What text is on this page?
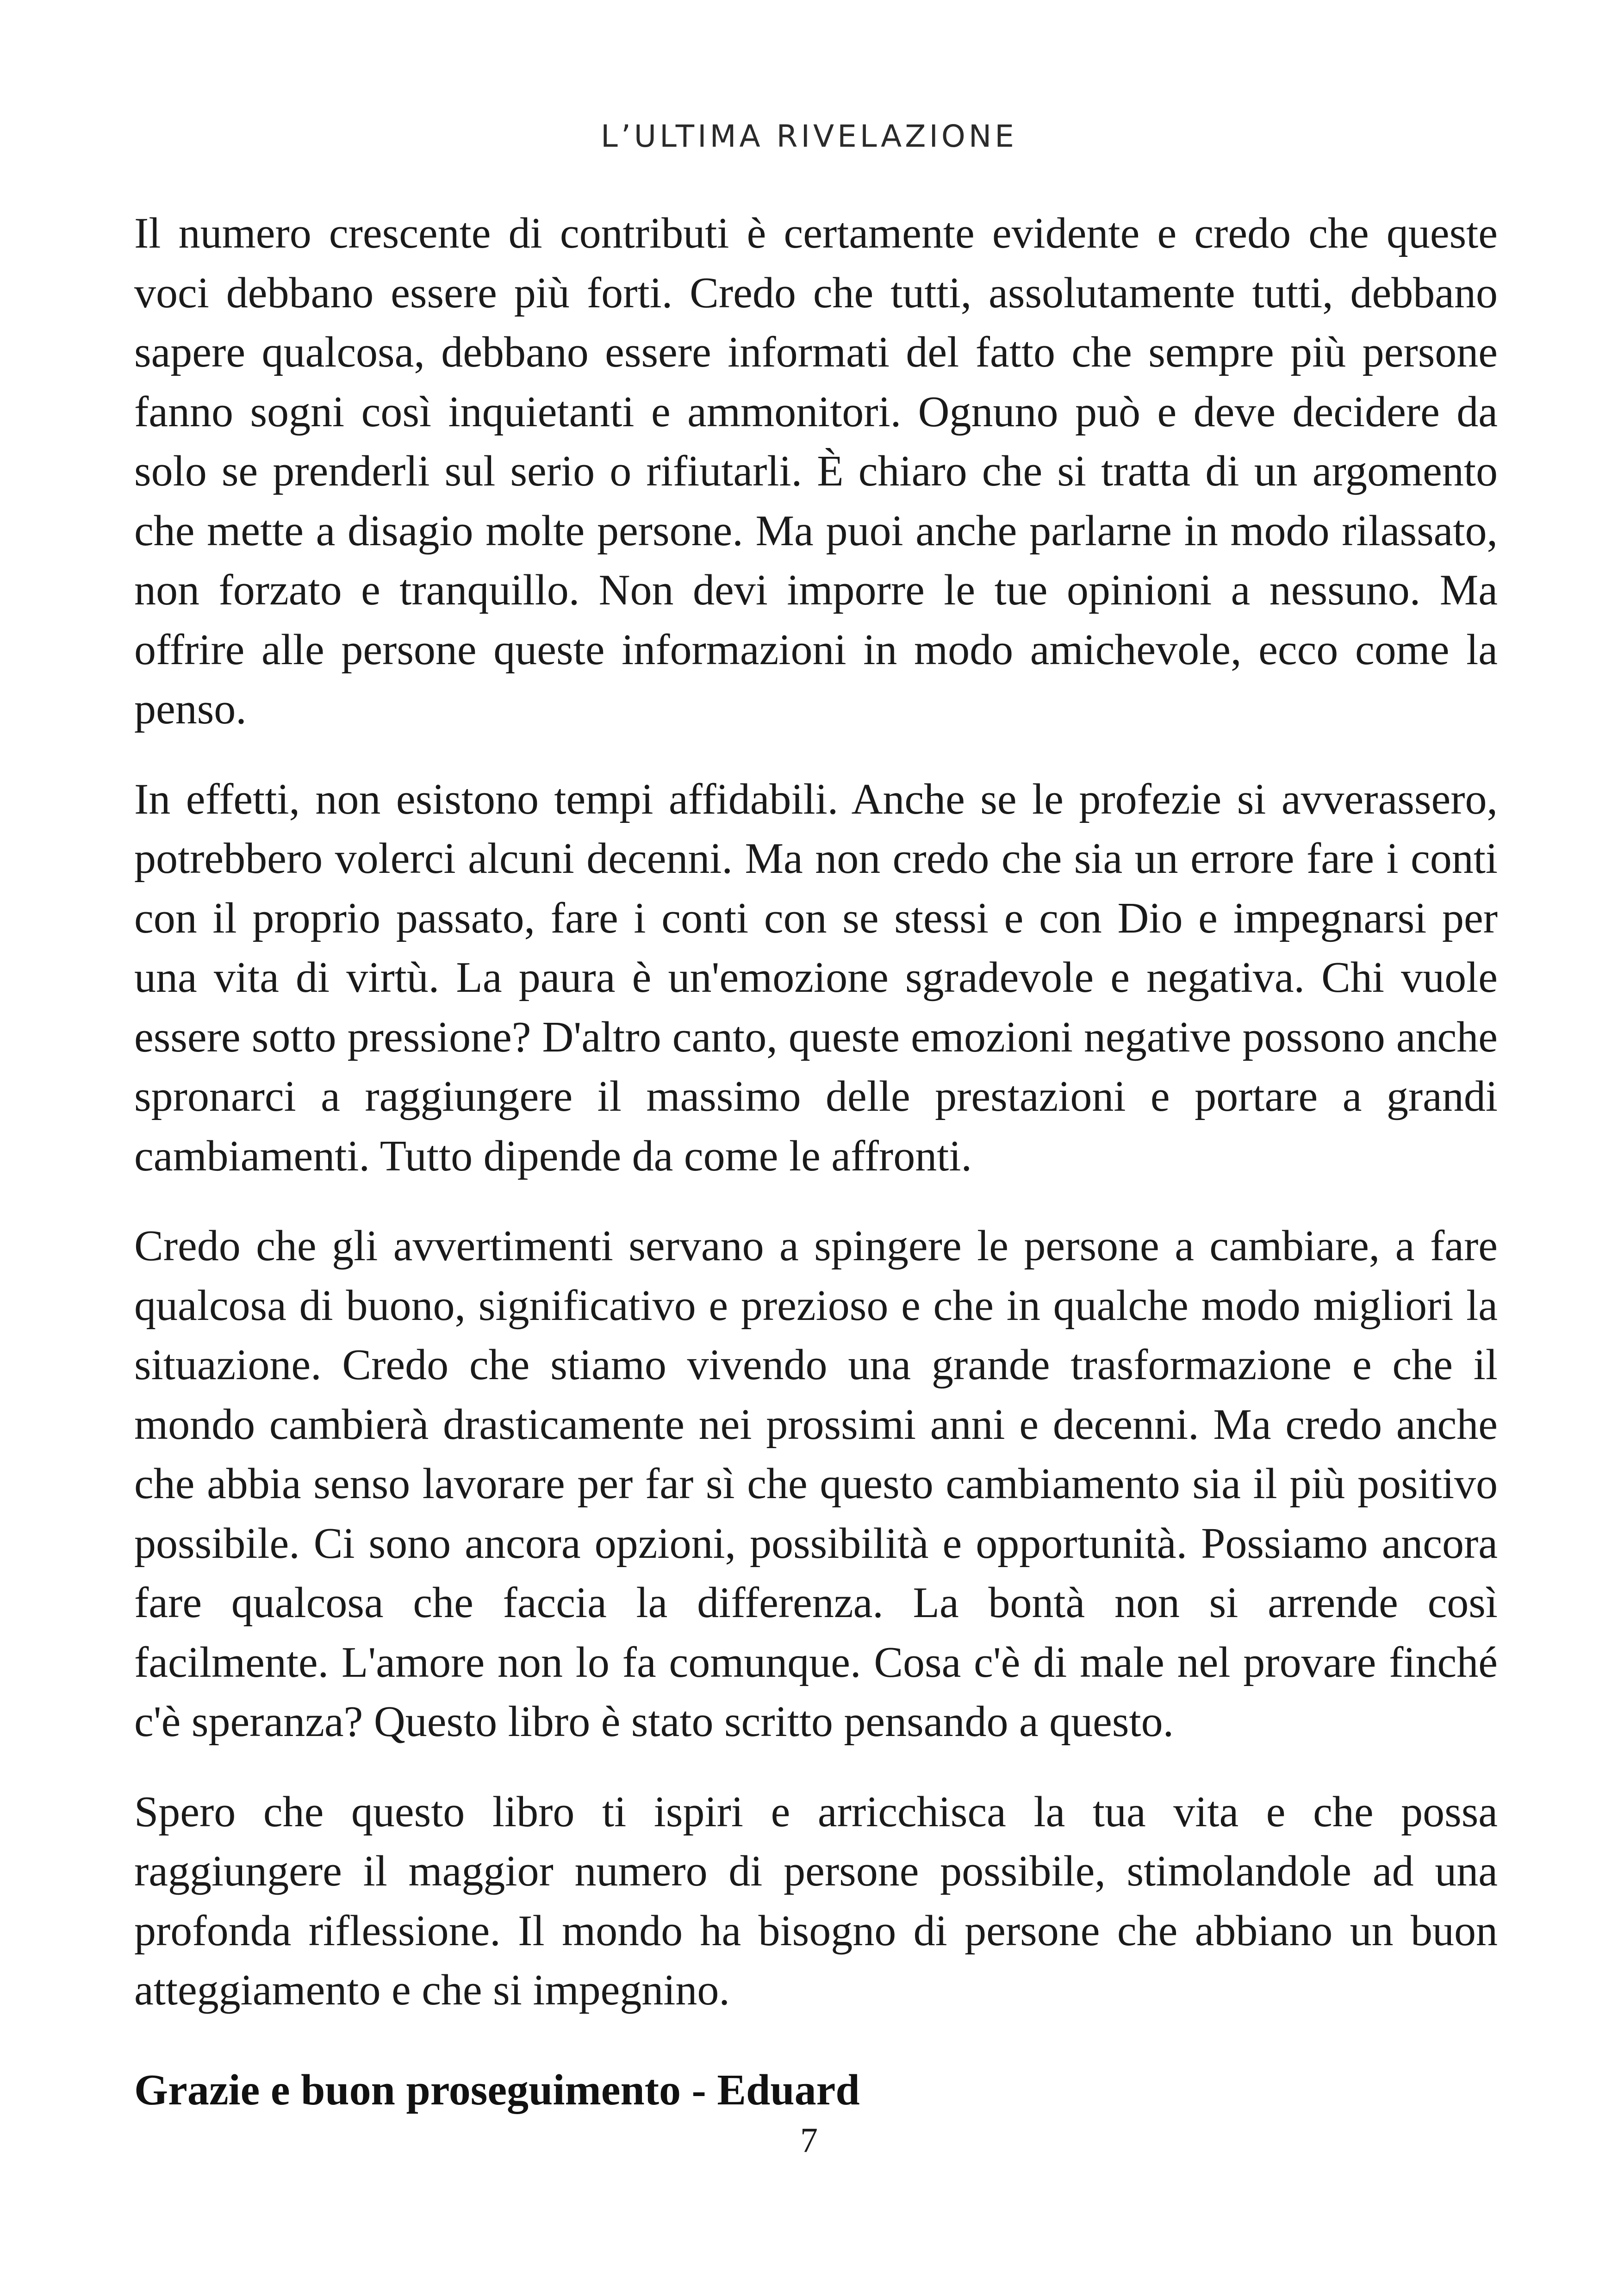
L’ULTIMA RIVELAZIONE

Il numero crescente di contributi è certamente evidente e credo che queste voci debbano essere più forti. Credo che tutti, assolutamente tutti, debbano sapere qualcosa, debbano essere informati del fatto che sempre più persone fanno sogni così inquietanti e ammonitori. Ognuno può e deve decidere da solo se prenderli sul serio o rifiutarli. È chiaro che si tratta di un argomento che mette a disagio molte persone. Ma puoi anche parlarne in modo rilassato, non forzato e tranquillo. Non devi imporre le tue opinioni a nessuno. Ma offrire alle persone queste informazioni in modo amichevole, ecco come la penso.

In effetti, non esistono tempi affidabili. Anche se le profezie si avverassero, potrebbero volerci alcuni decenni. Ma non credo che sia un errore fare i conti con il proprio passato, fare i conti con se stessi e con Dio e impegnarsi per una vita di virtù. La paura è un'emozione sgradevole e negativa. Chi vuole essere sotto pressione? D'altro canto, queste emozioni negative possono anche spronarci a raggiungere il massimo delle prestazioni e portare a grandi cambiamenti. Tutto dipende da come le affronti.

Credo che gli avvertimenti servano a spingere le persone a cambiare, a fare qualcosa di buono, significativo e prezioso e che in qualche modo migliori la situazione. Credo che stiamo vivendo una grande trasformazione e che il mondo cambierà drasticamente nei prossimi anni e decenni. Ma credo anche che abbia senso lavorare per far sì che questo cambiamento sia il più positivo possibile. Ci sono ancora opzioni, possibilità e opportunità. Possiamo ancora fare qualcosa che faccia la differenza. La bontà non si arrende così facilmente. L'amore non lo fa comunque. Cosa c'è di male nel provare finché c'è speranza? Questo libro è stato scritto pensando a questo.

Spero che questo libro ti ispiri e arricchisca la tua vita e che possa raggiungere il maggior numero di persone possibile, stimolandole ad una profonda riflessione. Il mondo ha bisogno di persone che abbiano un buon atteggiamento e che si impegnino.

Grazie e buon proseguimento - Eduard
7
